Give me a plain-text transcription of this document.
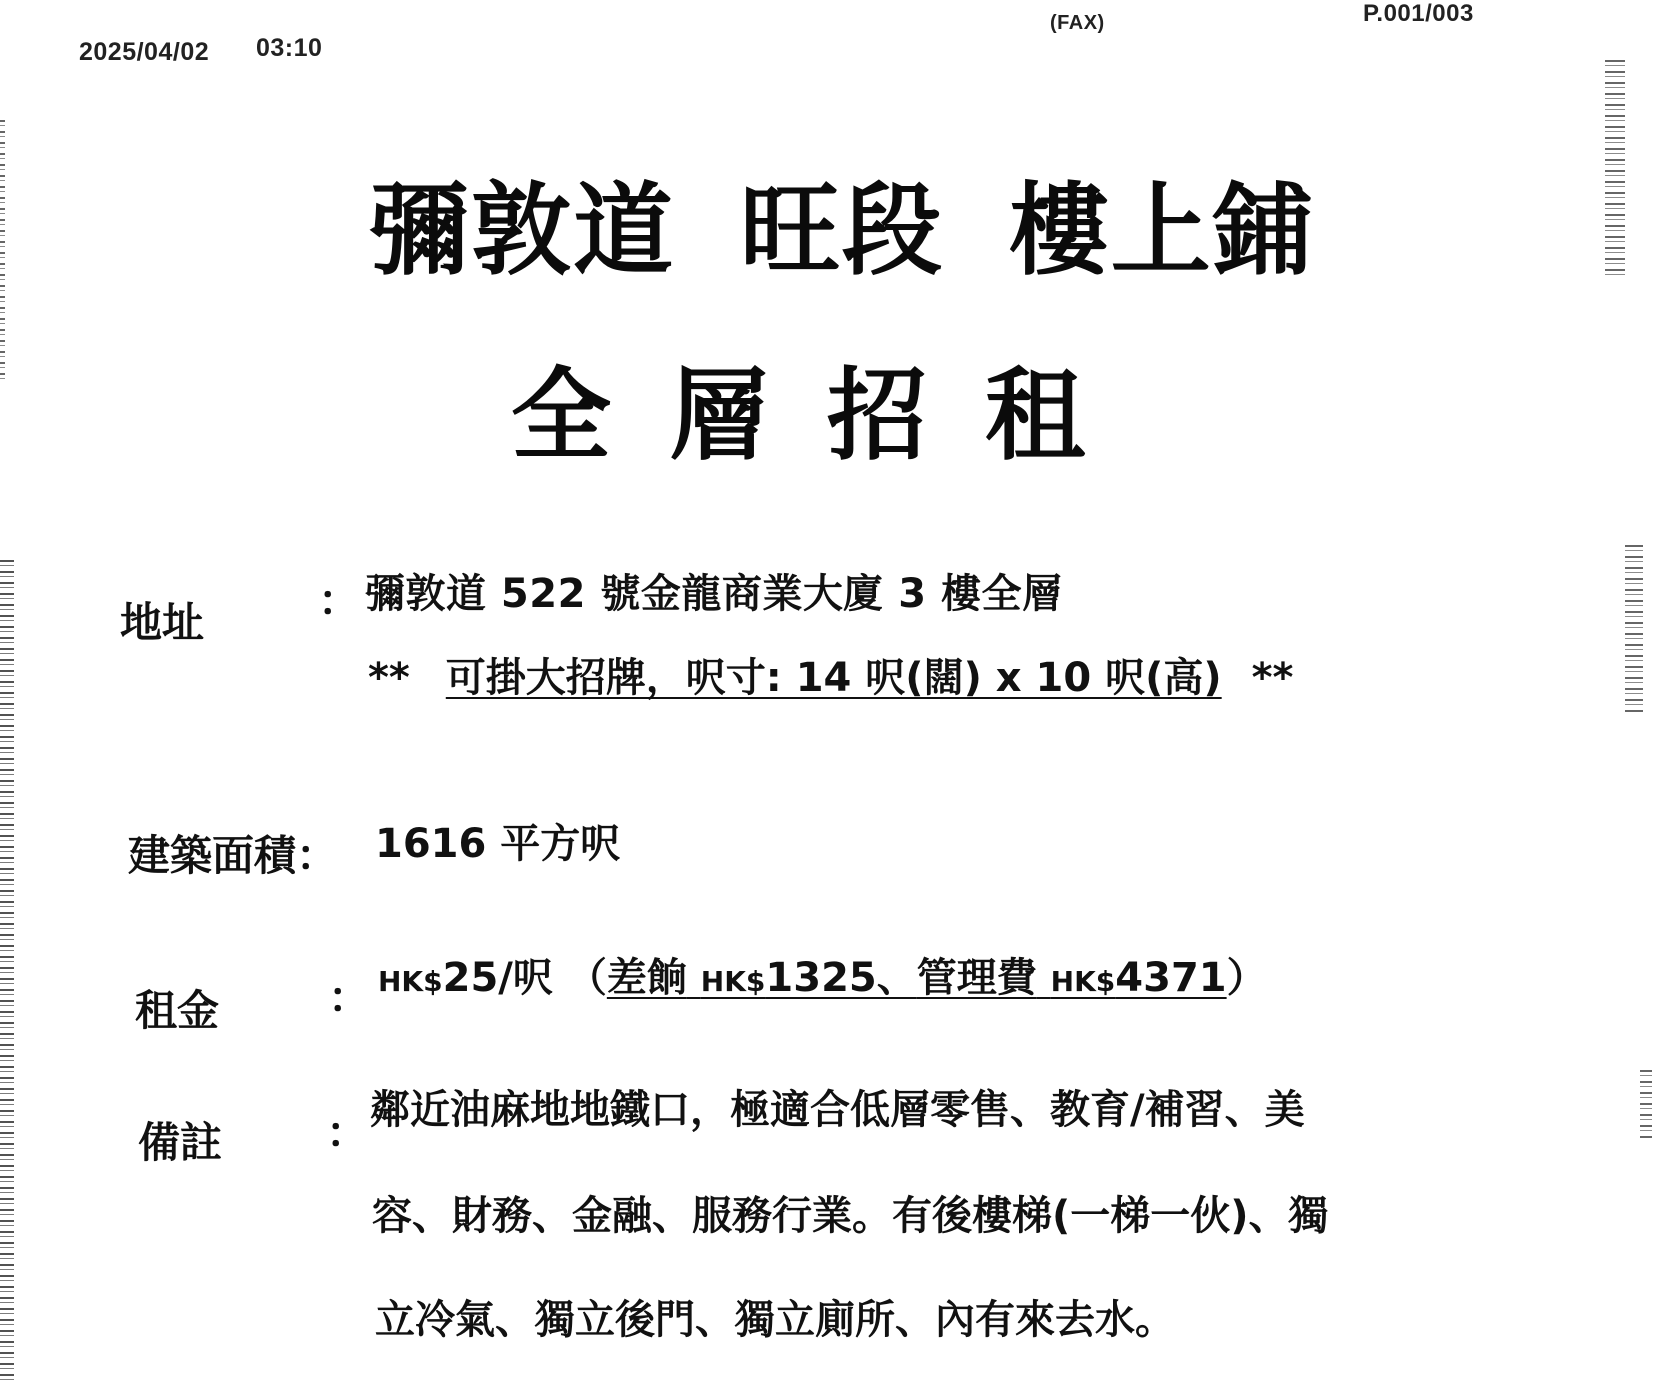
2025/04/02 03:10
(FAX)	P.001/003
彌敦道 旺段 樓上鋪
全層招租
地址	： 彌敦道 522 號金龍商業大廈 3 樓全層
** 可掛大招牌，呎寸: 14 呎(闊) x 10 呎(高) **
建築面積： 1616 平方呎
租金	： HK$25/呎 （差餉 HK$1325、管理費 HK$4371）
備註 ： 鄰近油麻地地鐵口，極適合低層零售、教育/補習、美
容、財務、金融、服務行業。有後樓梯(一梯一伙)、獨
立冷氣、獨立後門、獨立廁所、內有來去水。
